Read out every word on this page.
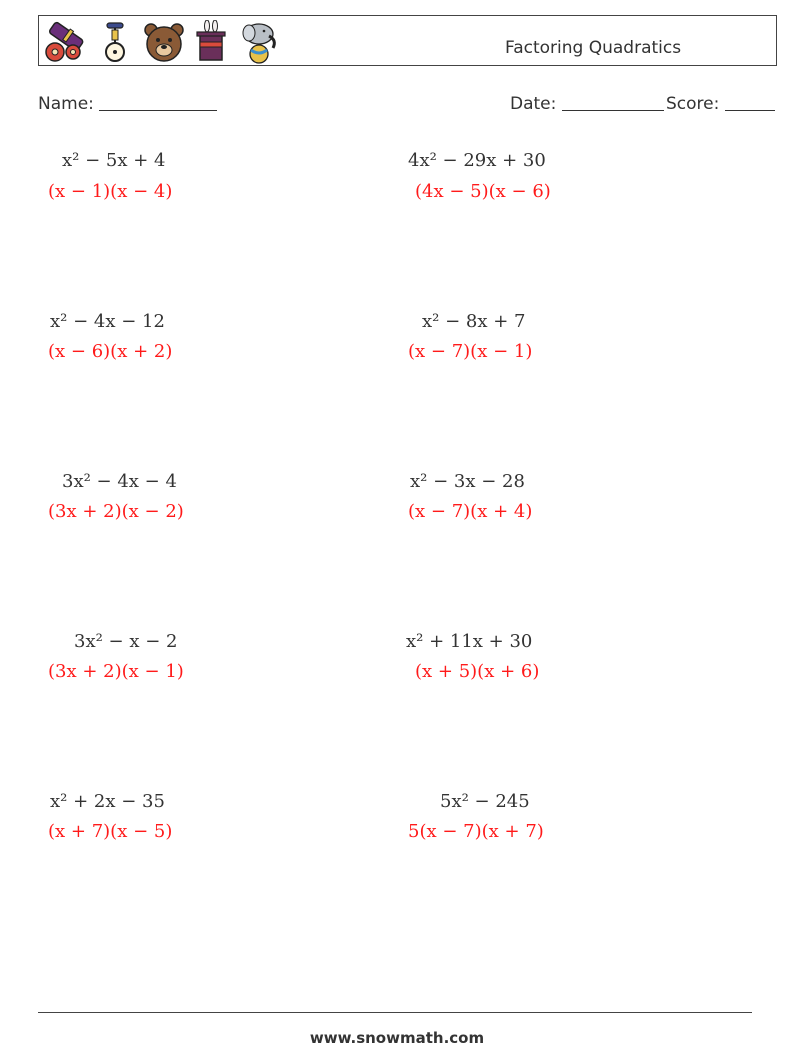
Factoring Quadratics
Name:	Date:	Score:
x² − 5x + 4
(x − 1)(x − 4)
4x² − 29x + 30
(4x − 5)(x − 6)
x² − 4x − 12
(x − 6)(x + 2)
x² − 8x + 7
(x − 7)(x − 1)
3x² − 4x − 4
(3x + 2)(x − 2)
x² − 3x − 28
(x − 7)(x + 4)
3x² − x − 2
(3x + 2)(x − 1)
x² + 11x + 30
(x + 5)(x + 6)
x² + 2x − 35
(x + 7)(x − 5)
5x² − 245
5(x − 7)(x + 7)
www.snowmath.com
